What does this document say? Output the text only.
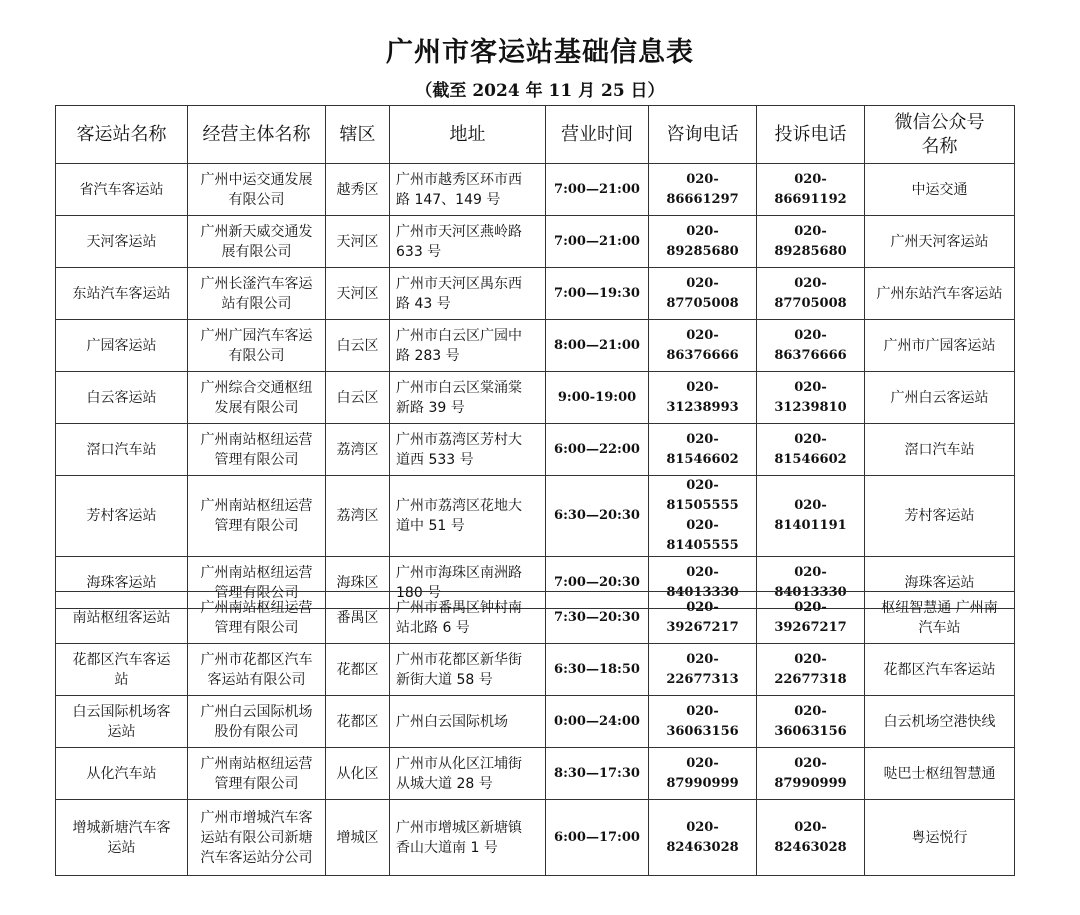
广州市客运站基础信息表
（截至 2024 年 11 月 25 日）
客运站名称	经营主体名称	辖区	地址	营业时间	咨询电话	投诉电话	微信公众号
名称
省汽车客运站	广州中运交通发展
有限公司	越秀区	广州市越秀区环市西
路 147、149 号	7:00—21:00	020-86661297	020-86691192	中运交通
天河客运站	广州新天威交通发
展有限公司	天河区	广州市天河区燕岭路
633 号	7:00—21:00	020-89285680	020-89285680	广州天河客运站
东站汽车客运站	广州长滏汽车客运
站有限公司	天河区	广州市天河区禺东西
路 43 号	7:00—19:30	020-87705008	020-87705008	广州东站汽车客运站
广园客运站	广州广园汽车客运
有限公司	白云区	广州市白云区广园中
路 283 号	8:00—21:00	020-86376666	020-86376666	广州市广园客运站
白云客运站	广州综合交通枢纽
发展有限公司	白云区	广州市白云区棠涌棠
新路 39 号	9:00-19:00	020-31238993	020-31239810	广州白云客运站
滘口汽车站	广州南站枢纽运营
管理有限公司	荔湾区	广州市荔湾区芳村大
道西 533 号	6:00—22:00	020-81546602	020-81546602	滘口汽车站
芳村客运站	广州南站枢纽运营
管理有限公司	荔湾区	广州市荔湾区花地大
道中 51 号	6:30—20:30	020-81505555
020-81405555	020-81401191	芳村客运站
海珠客运站	广州南站枢纽运营
管理有限公司	海珠区	广州市海珠区南洲路
180 号	7:00—20:30	020-84013330	020-84013330	海珠客运站
南站枢纽客运站	广州南站枢纽运营
管理有限公司	番禺区	广州市番禺区钟村南
站北路 6 号	7:30—20:30	020-39267217	020-39267217	枢纽智慧通 广州南
汽车站
花都区汽车客运
站	广州市花都区汽车
客运站有限公司	花都区	广州市花都区新华街
新街大道 58 号	6:30—18:50	020-22677313	020-22677318	花都区汽车客运站
白云国际机场客
运站	广州白云国际机场
股份有限公司	花都区	广州白云国际机场	0:00—24:00	020-36063156	020-36063156	白云机场空港快线
从化汽车站	广州南站枢纽运营
管理有限公司	从化区	广州市从化区江埔街
从城大道 28 号	8:30—17:30	020-87990999	020-87990999	哒巴士枢纽智慧通
增城新塘汽车客
运站	广州市增城汽车客
运站有限公司新塘
汽车客运站分公司	增城区	广州市增城区新塘镇
香山大道南 1 号	6:00—17:00	020-82463028	020-82463028	粤运悦行
